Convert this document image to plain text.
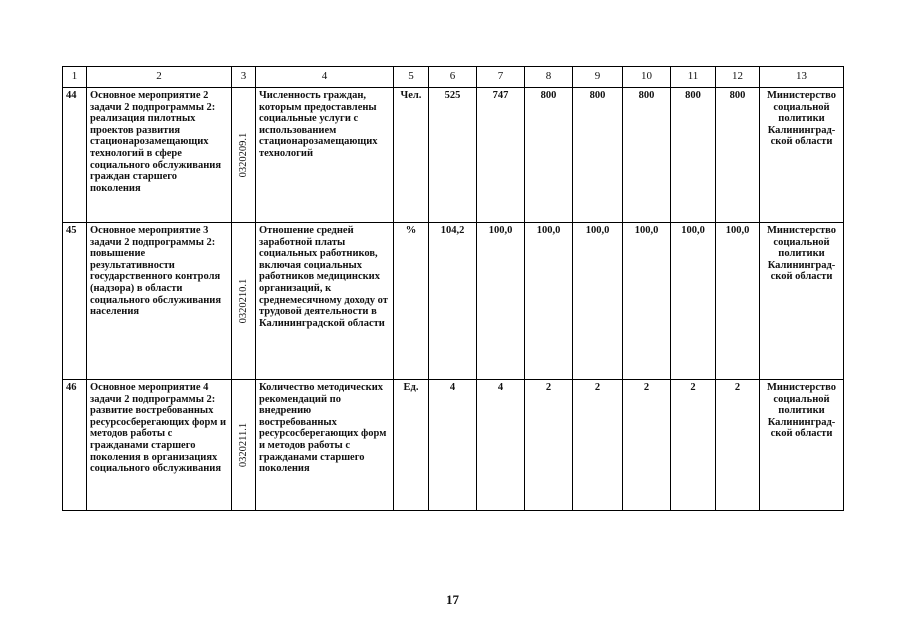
1	2	3	4	5	6	7	8	9	10	11	12	13
44	Основное мероприятие 2 задачи 2 подпрограммы 2: реализация пилотных проектов развития стационарозамещающих технологий в сфере социального обслуживания граждан старшего поколения	0320209.1	Численность граждан, которым предоставлены социальные услуги с использованием стационарозамещающих технологий	Чел.	525	747	800	800	800	800	800	Министерство социальной политики Калининград-ской области
45	Основное мероприятие 3 задачи 2 подпрограммы 2: повышение результативности государственного контроля (надзора) в области социального обслуживания населения	0320210.1	Отношение средней заработной платы социальных работников, включая социальных работников медицинских организаций, к среднемесячному доходу от трудовой деятельности в Калининградской области	%	104,2	100,0	100,0	100,0	100,0	100,0	100,0	Министерство социальной политики Калининград-ской области
46	Основное мероприятие 4 задачи 2 подпрограммы 2: развитие востребованных ресурсосберегающих форм и методов работы с гражданами старшего поколения в организациях социального обслуживания	0320211.1	Количество методических рекомендаций по внедрению востребованных ресурсосберегающих форм и методов работы с гражданами старшего поколения	Ед.	4	4	2	2	2	2	2	Министерство социальной политики Калининград-ской области
17
